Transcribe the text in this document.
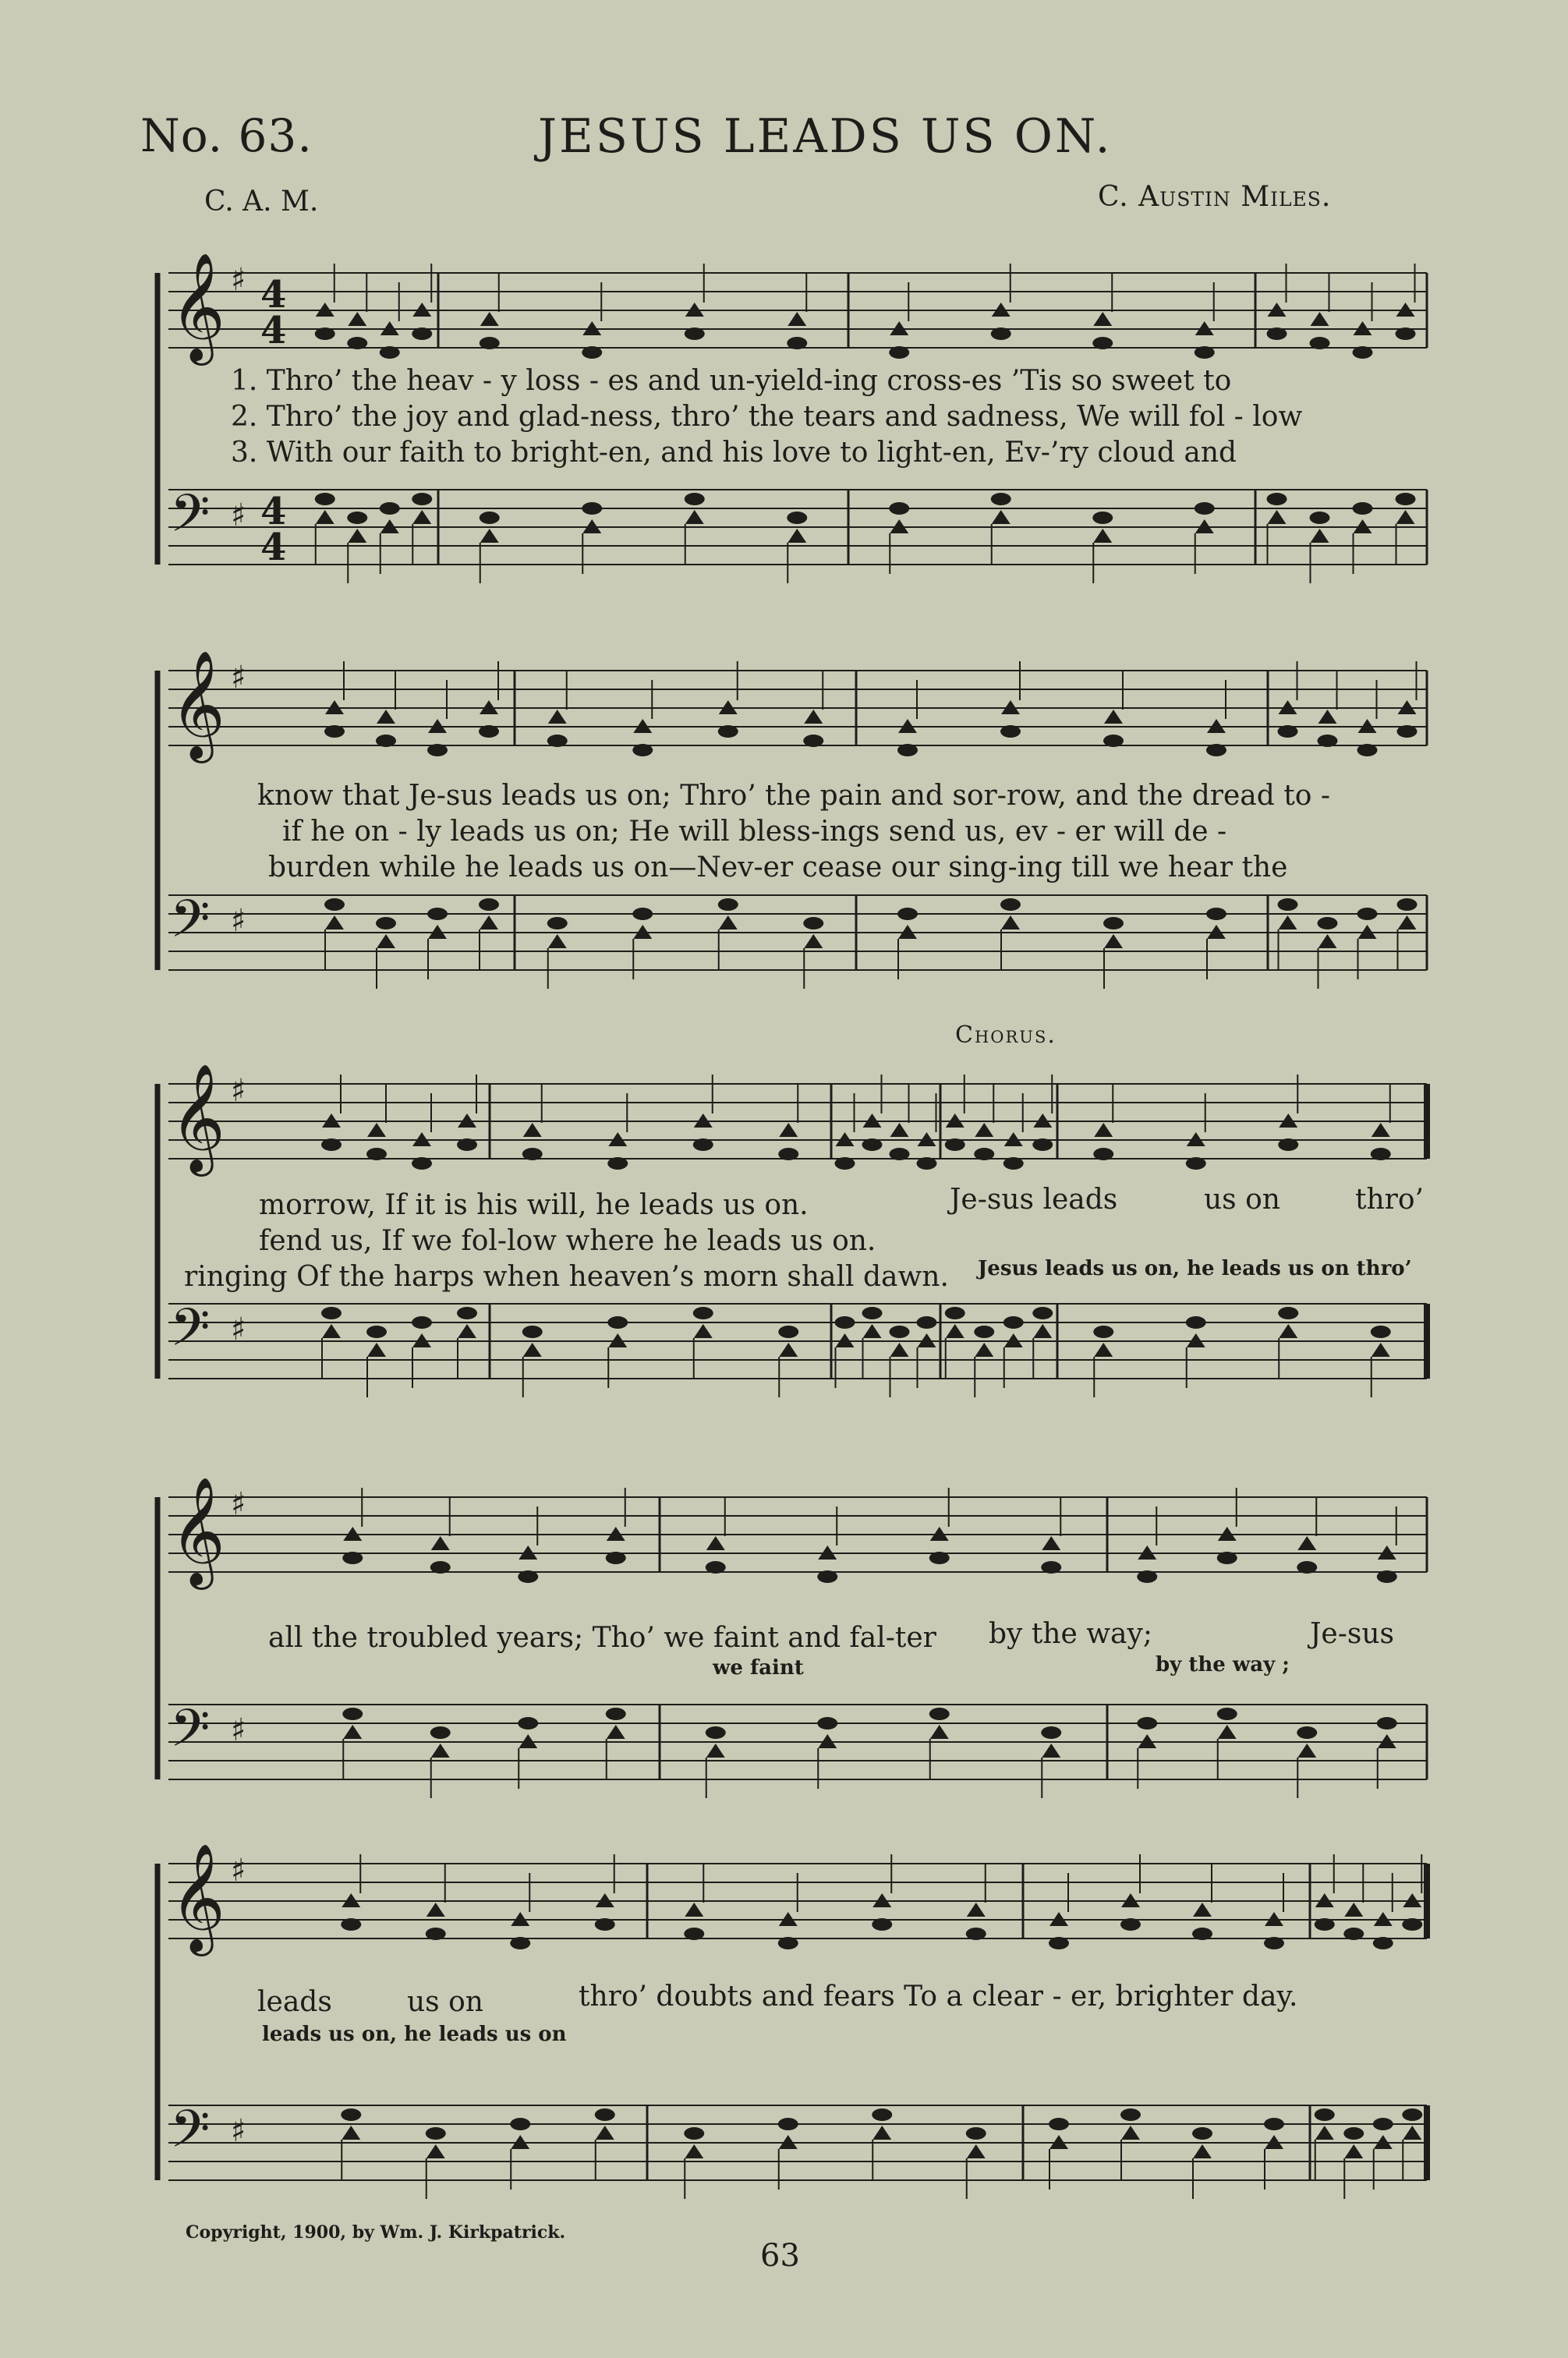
No. 63.	JESUS LEADS US ON.
C. A. M.	C. Austin Miles.
𝄞 ♯ 4
4
𝄢 ♯ 4
4
𝄞 ♯
𝄢 ♯
𝄞 ♯
𝄢 ♯
𝄞 ♯
𝄢 ♯
𝄞 ♯
𝄢 ♯
1. Thro’ the heav - y loss - es and un-yield-ing cross-es ’Tis so sweet to
2. Thro’ the joy and glad-ness, thro’ the tears and sadness, We will fol - low
3. With our faith to bright-en, and his love to light-en, Ev-’ry cloud and
know that Je-sus leads us on; Thro’ the pain and sor-row, and the dread to -
if he on - ly leads us on; He will bless-ings send us, ev - er will de -
burden while he leads us on—Nev-er cease our sing-ing till we hear the
Chorus.
morrow, If it is his will, he leads us on.	Je-sus leads	us on	thro’
fend us, If we fol-low where he leads us on.
ringing Of the harps when heaven’s morn shall dawn. Jesus leads us on, he leads us on thro’
all the troubled years; Tho’ we faint and fal-ter by the way;	Je-sus
we faint	by the way ;
leads	us on	thro’ doubts and fears To a clear - er, brighter day.
leads us on, he leads us on
Copyright, 1900, by Wm. J. Kirkpatrick.
63
